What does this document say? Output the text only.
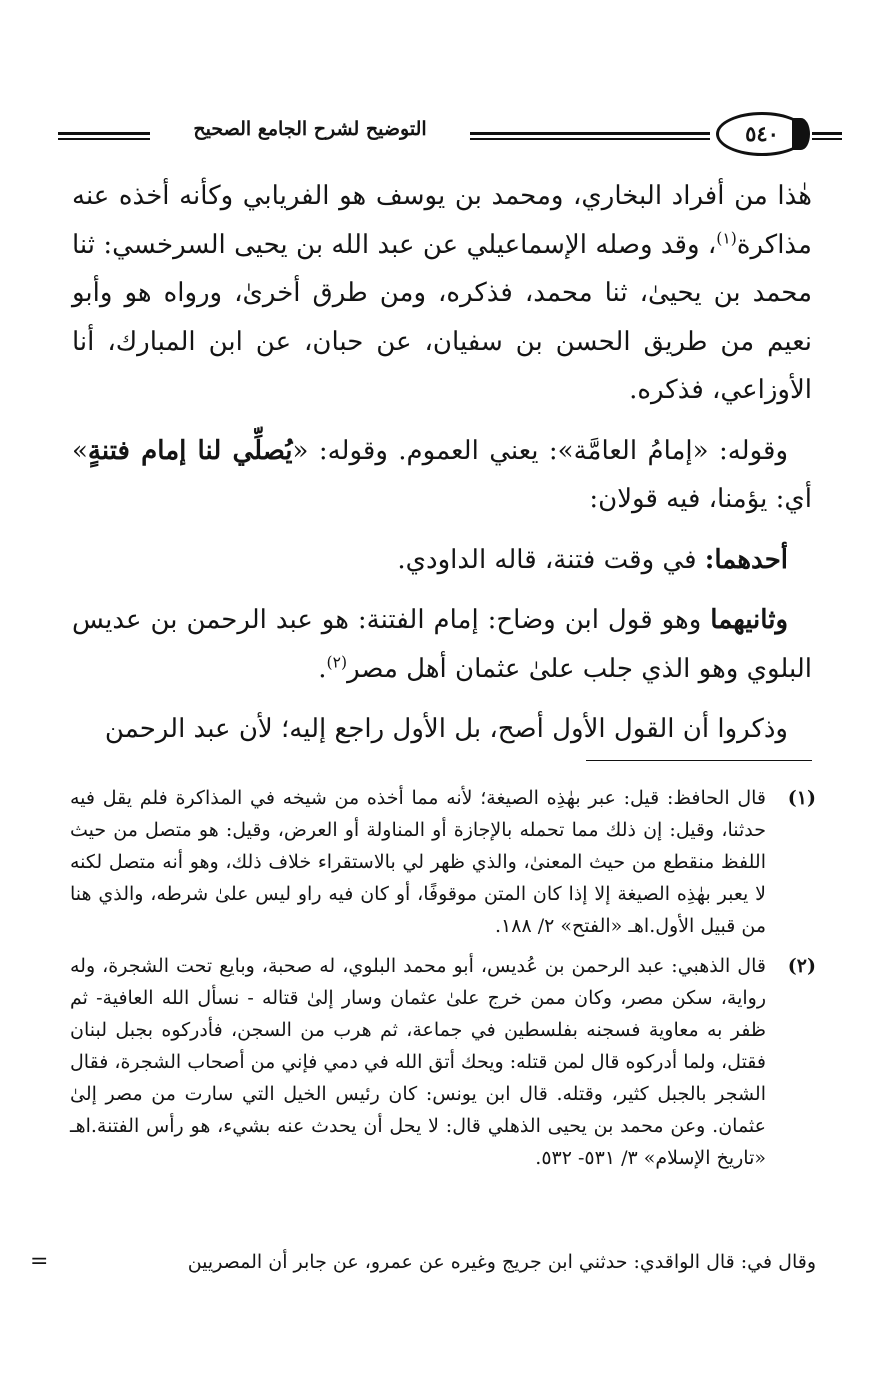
التوضيح لشرح الجامع الصحيح	٥٤٠

هٰذا من أفراد البخاري، ومحمد بن يوسف هو الفريابي وكأنه أخذه عنه مذاكرة$^{(١)}$، وقد وصله الإسماعيلي عن عبد الله بن يحيى السرخسي: ثنا محمد بن يحيىٰ، ثنا محمد، فذكره، ومن طرق أخرىٰ، ورواه هو وأبو نعيم من طريق الحسن بن سفيان، عن حبان، عن ابن المبارك، أنا الأوزاعي، فذكره.

وقوله: «إمامُ العامَّة»: يعني العموم. وقوله: «يُصلِّي لنا إمام فتنةٍ» أي: يؤمنا، فيه قولان:

أحدهما: في وقت فتنة، قاله الداودي.

وثانيهما وهو قول ابن وضاح: إمام الفتنة: هو عبد الرحمن بن عديس البلوي وهو الذي جلب علىٰ عثمان أهل مصر$^{(٢)}$.

وذكروا أن القول الأول أصح، بل الأول راجع إليه؛ لأن عبد الرحمن

(١)
قال الحافظ: قيل: عبر بهٰذِه الصيغة؛ لأنه مما أخذه من شيخه في المذاكرة فلم يقل فيه حدثنا، وقيل: إن ذلك مما تحمله بالإجازة أو المناولة أو العرض، وقيل: هو متصل من حيث اللفظ منقطع من حيث المعنىٰ، والذي ظهر لي بالاستقراء خلاف ذلك، وهو أنه متصل لكنه لا يعبر بهٰذِه الصيغة إلا إذا كان المتن موقوفًا، أو كان فيه راو ليس علىٰ شرطه، والذي هنا من قبيل الأول.اهـ «الفتح» ٢/ ١٨٨.
(٢)
قال الذهبي: عبد الرحمن بن عُديس، أبو محمد البلوي، له صحبة، وبايع تحت الشجرة، وله رواية، سكن مصر، وكان ممن خرج علىٰ عثمان وسار إلىٰ قتاله - نسأل الله العافية- ثم ظفر به معاوية فسجنه بفلسطين في جماعة، ثم هرب من السجن، فأدركوه بجبل لبنان فقتل، ولما أدركوه قال لمن قتله: ويحك أتق الله في دمي فإني من أصحاب الشجرة، فقال الشجر بالجبل كثير، وقتله. قال ابن يونس: كان رئيس الخيل التي سارت من مصر إلىٰ عثمان. وعن محمد بن يحيى الذهلي قال: لا يحل أن يحدث عنه بشيء، هو رأس الفتنة.اهـ «تاريخ الإسلام» ٣/ ٥٣١- ٥٣٢.
وقال في: قال الواقدي: حدثني ابن جريج وغيره عن عمرو، عن جابر أن المصريين
=
